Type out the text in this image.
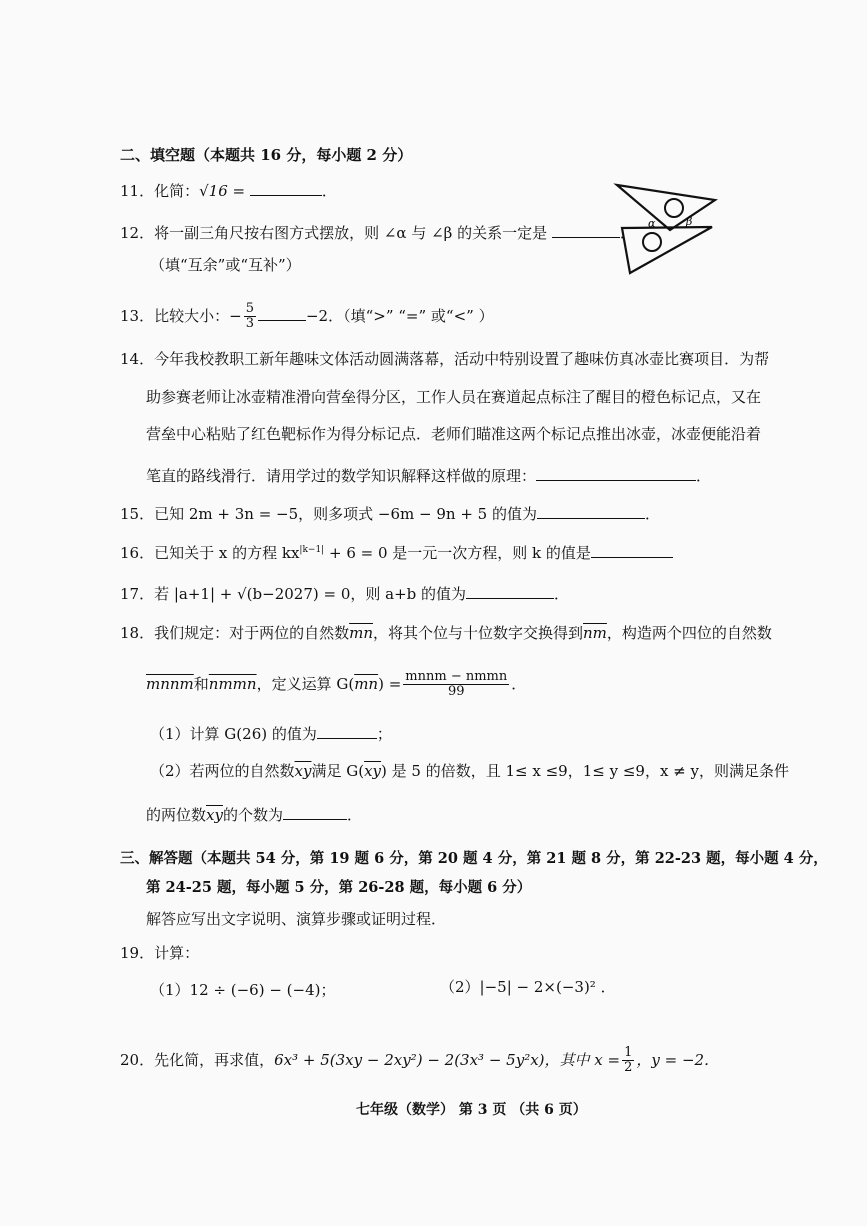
二、填空题（本题共 16 分，每小题 2 分）
11．化简：√16 =	．
12．将一副三角尺按右图方式摆放，则 ∠α 与 ∠β 的关系一定是	．
（填“互余”或“互补”）
α	β
13．比较大小：− $\frac{5}{3}$	−2．（填“>” “=” 或“<” ）
14．今年我校教职工新年趣味文体活动圆满落幕，活动中特别设置了趣味仿真冰壶比赛项目．为帮
助参赛老师让冰壶精准滑向营垒得分区，工作人员在赛道起点标注了醒目的橙色标记点，又在
营垒中心粘贴了红色靶标作为得分标记点．老师们瞄准这两个标记点推出冰壶，冰壶便能沿着
笔直的路线滑行．请用学过的数学知识解释这样做的原理：	．
15．已知 2m + 3n = −5，则多项式 −6m − 9n + 5 的值为	．
16．已知关于 x 的方程 $kx^{|k-1|} + 6 = 0$ 是一元一次方程，则 k 的值是
17．若 |a+1| + √(b−2027) = 0，则 a+b 的值为	．
18．我们规定：对于两位的自然数$\overline{mn}$，将其个位与十位数字交换得到$\overline{nm}$，构造两个四位的自然数
mnnm和nmmn，定义运算 $G(\overline{mn}) = \frac{\text{mnnm − nmmn}}{99}$ ．
（1）计算 G(26) 的值为	；
（2）若两位的自然数$\overline{xy}$满足 $G(\overline{xy})$ 是 5 的倍数，且 1≤ x ≤9，1≤ y ≤9，x ≠ y，则满足条件
的两位数$\overline{xy}$的个数为	．
三、解答题（本题共 54 分，第 19 题 6 分，第 20 题 4 分，第 21 题 8 分，第 22-23 题，每小题 4 分，
第 24-25 题，每小题 5 分，第 26-28 题，每小题 6 分）
解答应写出文字说明、演算步骤或证明过程．
19．计算：
（1）12 ÷ (−6) − (−4)；	（2）|−5| − 2×(−3)² ．
20．先化简，再求值，6x³ + 5(3xy − 2xy²) − 2(3x³ − 5y²x)，其中 $x = \frac{1}{2}$ ，y = −2．
七年级（数学） 第 3 页 （共 6 页）
